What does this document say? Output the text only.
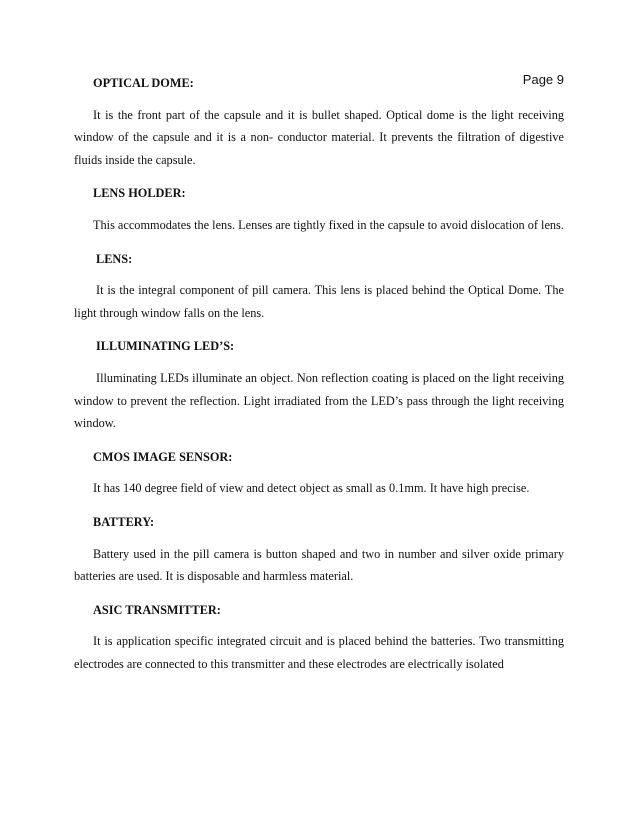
Page 9
OPTICAL DOME:

It is the front part of the capsule and it is bullet shaped. Optical dome is the light receiving window of the capsule and it is a non- conductor material. It prevents the filtration of digestive fluids inside the capsule.

LENS HOLDER:

This accommodates the lens. Lenses are tightly fixed in the capsule to avoid dislocation of lens.

LENS:

It is the integral component of pill camera. This lens is placed behind the Optical Dome. The light through window falls on the lens.

ILLUMINATING LED’S:

Illuminating LEDs illuminate an object. Non reflection coating is placed on the light receiving window to prevent the reflection. Light irradiated from the LED’s pass through the light receiving window.

CMOS IMAGE SENSOR:

It has 140 degree field of view and detect object as small as 0.1mm. It have high precise.

BATTERY:

Battery used in the pill camera is button shaped and two in number and silver oxide primary batteries are used. It is disposable and harmless material.

ASIC TRANSMITTER:

It is application specific integrated circuit and is placed behind the batteries. Two transmitting electrodes are connected to this transmitter and these electrodes are electrically isolated
